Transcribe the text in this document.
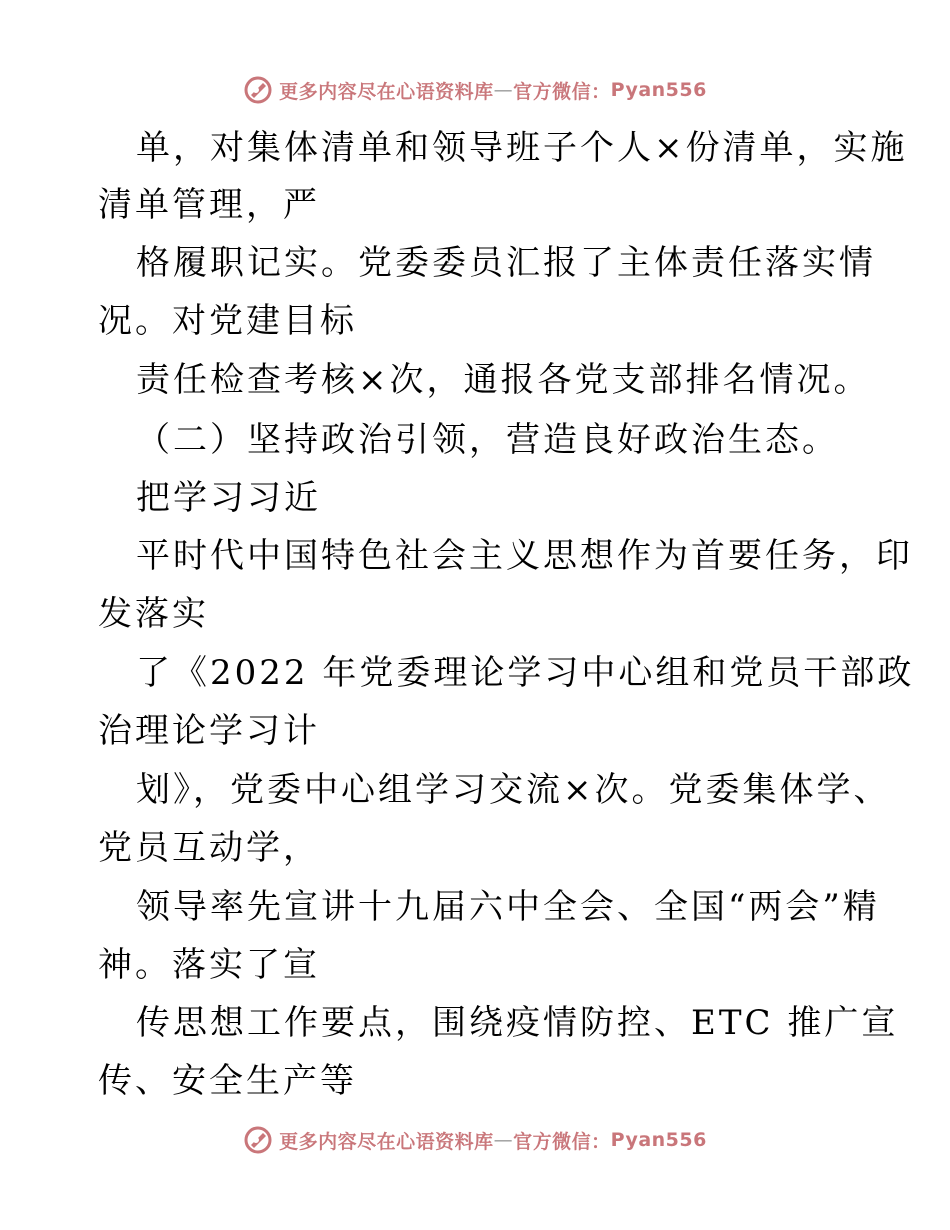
更多内容尽在心语资料库 — 官方微信： Pyan556
单，对集体清单和领导班子个人×份清单，实施
清单管理，严
格履职记实。党委委员汇报了主体责任落实情
况。对党建目标
责任检查考核×次，通报各党支部排名情况。
（二）坚持政治引领，营造良好政治生态。
把学习习近
平时代中国特色社会主义思想作为首要任务，印
发落实
了《2022 年党委理论学习中心组和党员干部政
治理论学习计
划》，党委中心组学习交流×次。党委集体学、
党员互动学，
领导率先宣讲十九届六中全会、全国“两会”精
神。落实了宣
传思想工作要点，围绕疫情防控、ETC 推广宣
传、安全生产等
更多内容尽在心语资料库 — 官方微信： Pyan556
